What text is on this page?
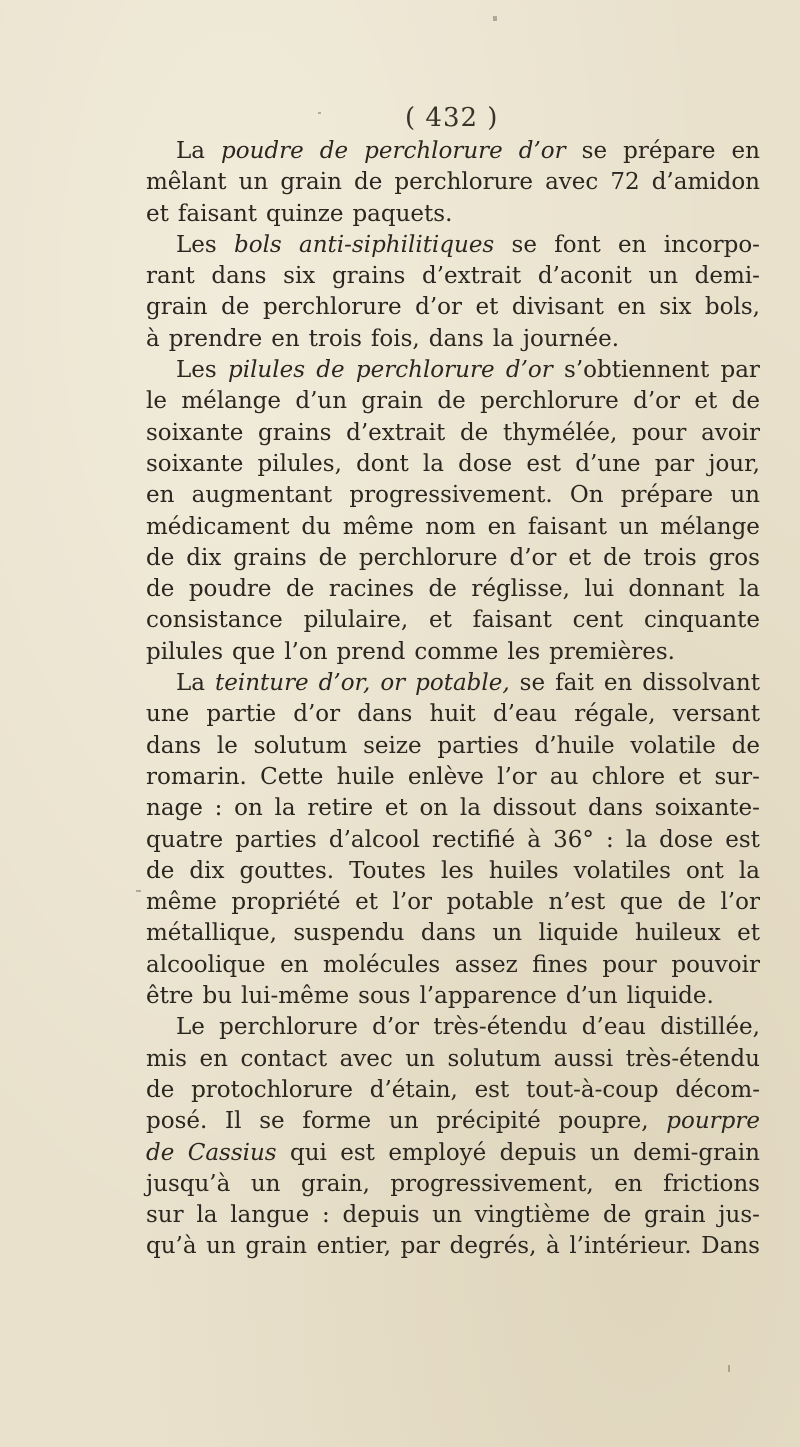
( 432 )
La poudre de perchlorure d’or se prépare en
mêlant un grain de perchlorure avec 72 d’amidon
et faisant quinze paquets.
Les bols anti-siphilitiques se font en incorpo-
rant dans six grains d’extrait d’aconit un demi-
grain de perchlorure d’or et divisant en six bols,
à prendre en trois fois, dans la journée.
Les pilules de perchlorure d’or s’obtiennent par
le mélange d’un grain de perchlorure d’or et de
soixante grains d’extrait de thymélée, pour avoir
soixante pilules, dont la dose est d’une par jour,
en augmentant progressivement. On prépare un
médicament du même nom en faisant un mélange
de dix grains de perchlorure d’or et de trois gros
de poudre de racines de réglisse, lui donnant la
consistance pilulaire, et faisant cent cinquante
pilules que l’on prend comme les premières.
La teinture d’or, or potable, se fait en dissolvant
une partie d’or dans huit d’eau régale, versant
dans le solutum seize parties d’huile volatile de
romarin. Cette huile enlève l’or au chlore et sur-
nage : on la retire et on la dissout dans soixante-
quatre parties d’alcool rectifié à 36° : la dose est
de dix gouttes. Toutes les huiles volatiles ont la
même propriété et l’or potable n’est que de l’or
métallique, suspendu dans un liquide huileux et
alcoolique en molécules assez fines pour pouvoir
être bu lui-même sous l’apparence d’un liquide.
Le perchlorure d’or très-étendu d’eau distillée,
mis en contact avec un solutum aussi très-étendu
de protochlorure d’étain, est tout-à-coup décom-
posé. Il se forme un précipité poupre, pourpre
de Cassius qui est employé depuis un demi-grain
jusqu’à un grain, progressivement, en frictions
sur la langue : depuis un vingtième de grain jus-
qu’à un grain entier, par degrés, à l’intérieur. Dans
